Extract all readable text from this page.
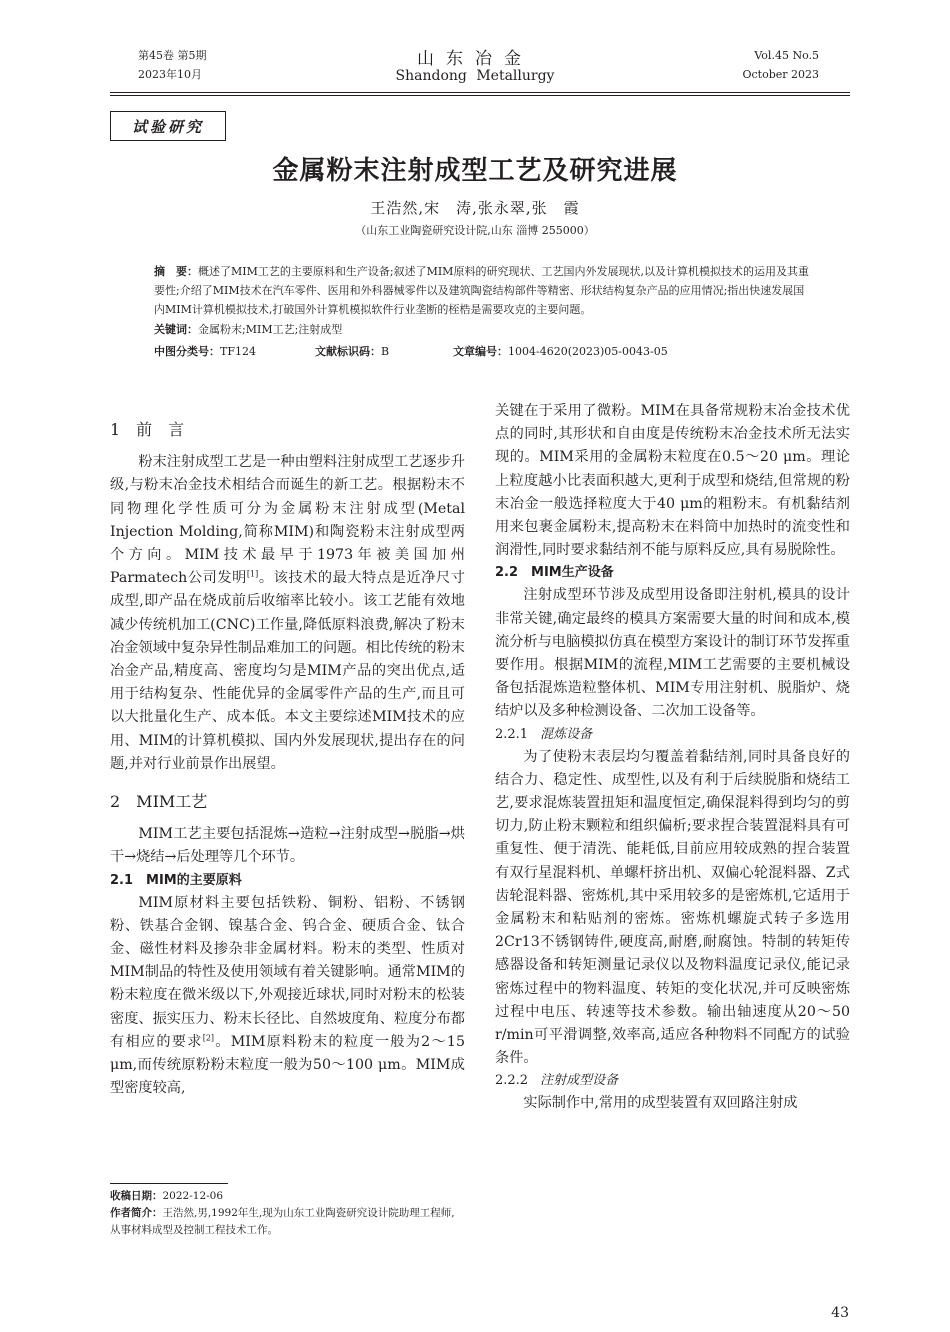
第45卷 第5期
2023年10月
山东冶金
Shandong Metallurgy
Vol.45 No.5
October 2023
试验研究
金属粉末注射成型工艺及研究进展
王浩然,宋　涛,张永翠,张　霞
（山东工业陶瓷研究设计院,山东 淄博 255000）
摘　要：概述了MIM工艺的主要原料和生产设备;叙述了MIM原料的研究现状、工艺国内外发展现状,以及计算机模拟技术的运用及其重要性;介绍了MIM技术在汽车零件、医用和外科器械零件以及建筑陶瓷结构部件等精密、形状结构复杂产品的应用情况;指出快速发展国内MIM计算机模拟技术,打破国外计算机模拟软件行业垄断的桎梏是需要攻克的主要问题。
关键词：金属粉末;MIM工艺;注射成型
中图分类号：TF124	文献标识码：B	文章编号：1004-4620(2023)05-0043-05
1　前　言

粉末注射成型工艺是一种由塑料注射成型工艺逐步升级,与粉末冶金技术相结合而诞生的新工艺。根据粉末不同物理化学性质可分为金属粉末注射成型(Metal Injection Molding,简称MIM)和陶瓷粉末注射成型两个方向。MIM技术最早于1973年被美国加州Parmatech公司发明[1]。该技术的最大特点是近净尺寸成型,即产品在烧成前后收缩率比较小。该工艺能有效地减少传统机加工(CNC)工作量,降低原料浪费,解决了粉末冶金领域中复杂异性制品难加工的问题。相比传统的粉末冶金产品,精度高、密度均匀是MIM产品的突出优点,适用于结构复杂、性能优异的金属零件产品的生产,而且可以大批量化生产、成本低。本文主要综述MIM技术的应用、MIM的计算机模拟、国内外发展现状,提出存在的问题,并对行业前景作出展望。

2　MIM工艺

MIM工艺主要包括混炼→造粒→注射成型→脱脂→烘干→烧结→后处理等几个环节。

2.1　MIM的主要原料

MIM原材料主要包括铁粉、铜粉、铝粉、不锈钢粉、铁基合金钢、镍基合金、钨合金、硬质合金、钛合金、磁性材料及掺杂非金属材料。粉末的类型、性质对MIM制品的特性及使用领域有着关键影响。通常MIM的粉末粒度在微米级以下,外观接近球状,同时对粉末的松装密度、振实压力、粉末长径比、自然坡度角、粒度分布都有相应的要求[2]。MIM原料粉末的粒度一般为2～15 μm,而传统原粉粉末粒度一般为50～100 μm。MIM成型密度较高,

关键在于采用了微粉。MIM在具备常规粉末冶金技术优点的同时,其形状和自由度是传统粉末冶金技术所无法实现的。MIM采用的金属粉末粒度在0.5～20 μm。理论上粒度越小比表面积越大,更利于成型和烧结,但常规的粉末冶金一般选择粒度大于40 μm的粗粉末。有机黏结剂用来包裹金属粉末,提高粉末在料筒中加热时的流变性和润滑性,同时要求黏结剂不能与原料反应,具有易脱除性。

2.2　MIM生产设备

注射成型环节涉及成型用设备即注射机,模具的设计非常关键,确定最终的模具方案需要大量的时间和成本,模流分析与电脑模拟仿真在模型方案设计的制订环节发挥重要作用。根据MIM的流程,MIM工艺需要的主要机械设备包括混炼造粒整体机、MIM专用注射机、脱脂炉、烧结炉以及多种检测设备、二次加工设备等。

2.2.1 混炼设备

为了使粉末表层均匀覆盖着黏结剂,同时具备良好的结合力、稳定性、成型性,以及有利于后续脱脂和烧结工艺,要求混炼装置扭矩和温度恒定,确保混料得到均匀的剪切力,防止粉末颗粒和组织偏析;要求捏合装置混料具有可重复性、便于清洗、能耗低,目前应用较成熟的捏合装置有双行星混料机、单螺杆挤出机、双偏心轮混料器、Z式齿轮混料器、密炼机,其中采用较多的是密炼机,它适用于金属粉末和粘贴剂的密炼。密炼机螺旋式转子多选用2Cr13不锈钢铸件,硬度高,耐磨,耐腐蚀。特制的转矩传感器设备和转矩测量记录仪以及物料温度记录仪,能记录密炼过程中的物料温度、转矩的变化状况,并可反映密炼过程中电压、转速等技术参数。输出轴速度从20～50 r/min可平滑调整,效率高,适应各种物料不同配方的试验条件。

2.2.2 注射成型设备

实际制作中,常用的成型装置有双回路注射成

收稿日期：2022-12-06
作者简介：王浩然,男,1992年生,现为山东工业陶瓷研究设计院助理工程师,从事材料成型及控制工程技术工作。
43
